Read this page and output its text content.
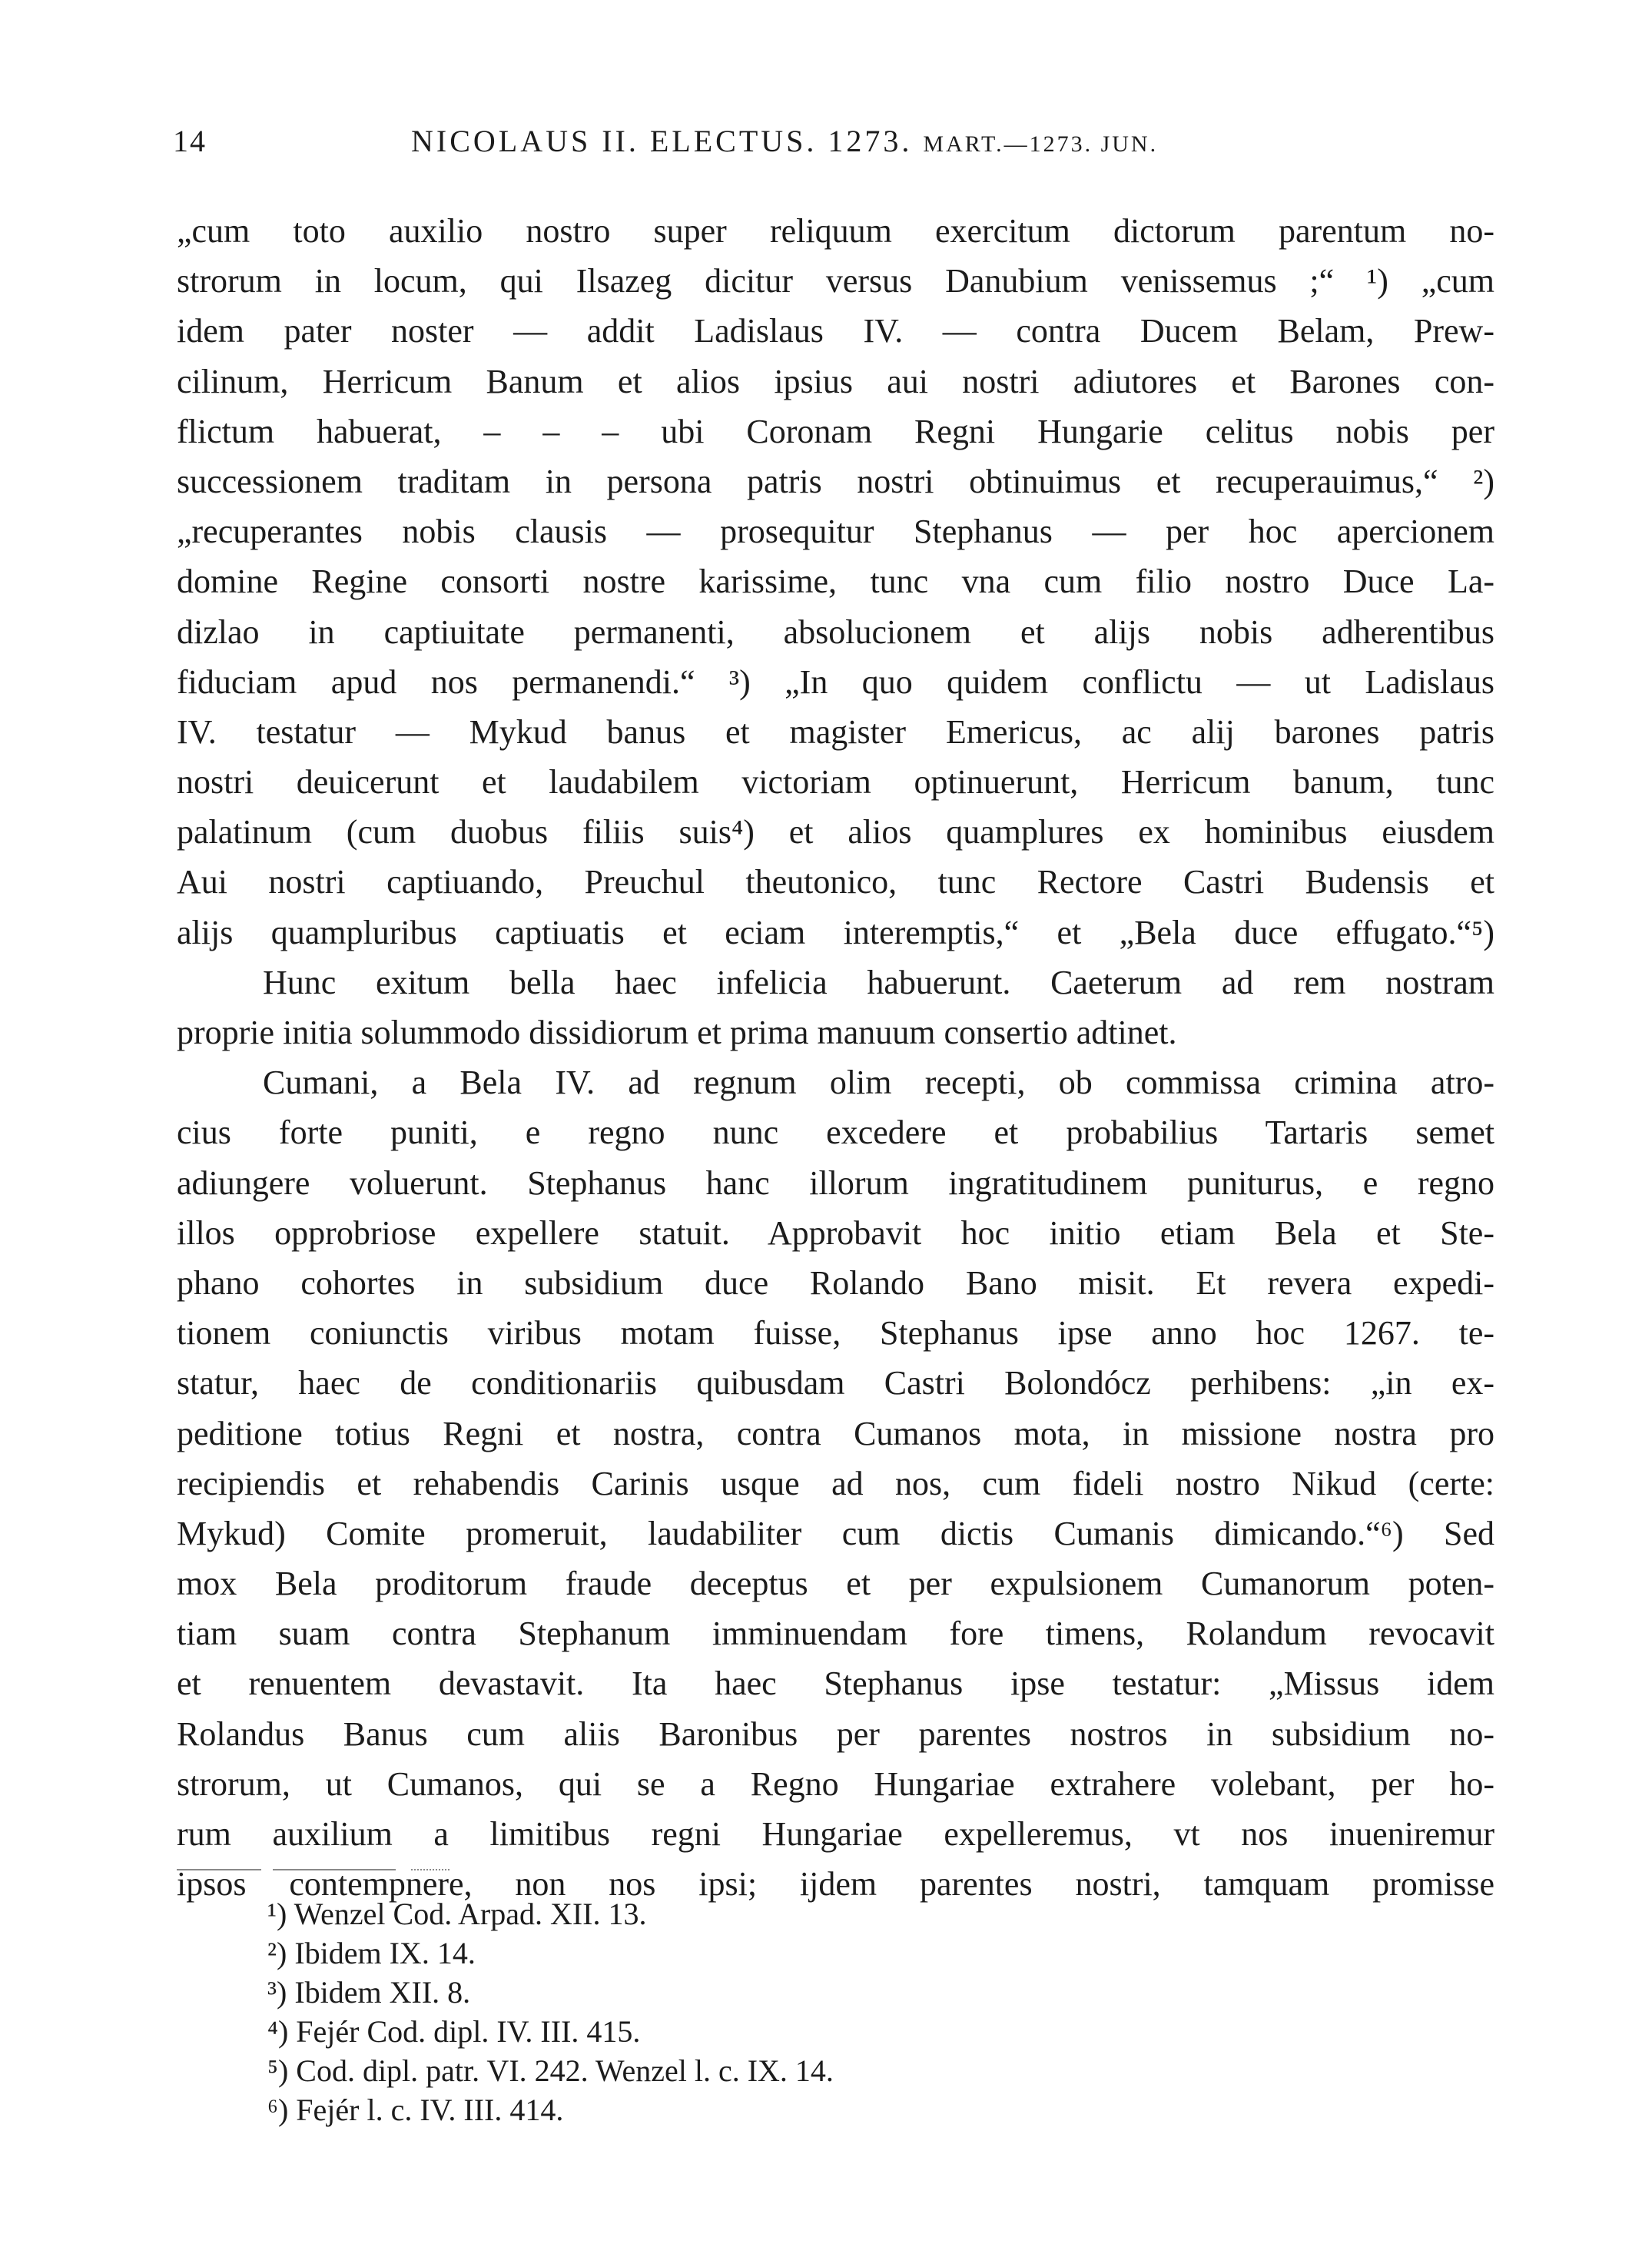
14	NICOLAUS II. ELECTUS. 1273. MART.—1273. JUN.
„cum toto auxilio nostro super reliquum exercitum dictorum parentum no-
strorum in locum, qui Ilsazeg dicitur versus Danubium venissemus ;“ ¹) „cum
idem pater noster — addit Ladislaus IV. — contra Ducem Belam, Prew-
cilinum, Herricum Banum et alios ipsius aui nostri adiutores et Barones con-
flictum habuerat, – – – ubi Coronam Regni Hungarie celitus nobis per
successionem traditam in persona patris nostri obtinuimus et recuperauimus,“ ²)
„recuperantes nobis clausis — prosequitur Stephanus — per hoc apercionem
domine Regine consorti nostre karissime, tunc vna cum filio nostro Duce La-
dizlao in captiuitate permanenti, absolucionem et alijs nobis adherentibus
fiduciam apud nos permanendi.“ ³) „In quo quidem conflictu — ut Ladislaus
IV. testatur — Mykud banus et magister Emericus, ac alij barones patris
nostri deuicerunt et laudabilem victoriam optinuerunt, Herricum banum, tunc
palatinum (cum duobus filiis suis⁴) et alios quamplures ex hominibus eiusdem
Aui nostri captiuando, Preuchul theutonico, tunc Rectore Castri Budensis et
alijs quampluribus captiuatis et eciam interemptis,“ et „Bela duce effugato.“⁵)
Hunc exitum bella haec infelicia habuerunt. Caeterum ad rem nostram
proprie initia solummodo dissidiorum et prima manuum consertio adtinet.
Cumani, a Bela IV. ad regnum olim recepti, ob commissa crimina atro-
cius forte puniti, e regno nunc excedere et probabilius Tartaris semet
adiungere voluerunt. Stephanus hanc illorum ingratitudinem puniturus, e regno
illos opprobriose expellere statuit. Approbavit hoc initio etiam Bela et Ste-
phano cohortes in subsidium duce Rolando Bano misit. Et revera expedi-
tionem coniunctis viribus motam fuisse, Stephanus ipse anno hoc 1267. te-
statur, haec de conditionariis quibusdam Castri Bolondócz perhibens: „in ex-
peditione totius Regni et nostra, contra Cumanos mota, in missione nostra pro
recipiendis et rehabendis Carinis usque ad nos, cum fideli nostro Nikud (certe:
Mykud) Comite promeruit, laudabiliter cum dictis Cumanis dimicando.“⁶) Sed
mox Bela proditorum fraude deceptus et per expulsionem Cumanorum poten-
tiam suam contra Stephanum imminuendam fore timens, Rolandum revocavit
et renuentem devastavit. Ita haec Stephanus ipse testatur: „Missus idem
Rolandus Banus cum aliis Baronibus per parentes nostros in subsidium no-
strorum, ut Cumanos, qui se a Regno Hungariae extrahere volebant, per ho-
rum auxilium a limitibus regni Hungariae expelleremus, vt nos inueniremur
ipsos contempnere, non nos ipsi; ijdem parentes nostri, tamquam promisse
¹) Wenzel Cod. Arpad. XII. 13.
²) Ibidem IX. 14.
³) Ibidem XII. 8.
⁴) Fejér Cod. dipl. IV. III. 415.
⁵) Cod. dipl. patr. VI. 242. Wenzel l. c. IX. 14.
⁶) Fejér l. c. IV. III. 414.
